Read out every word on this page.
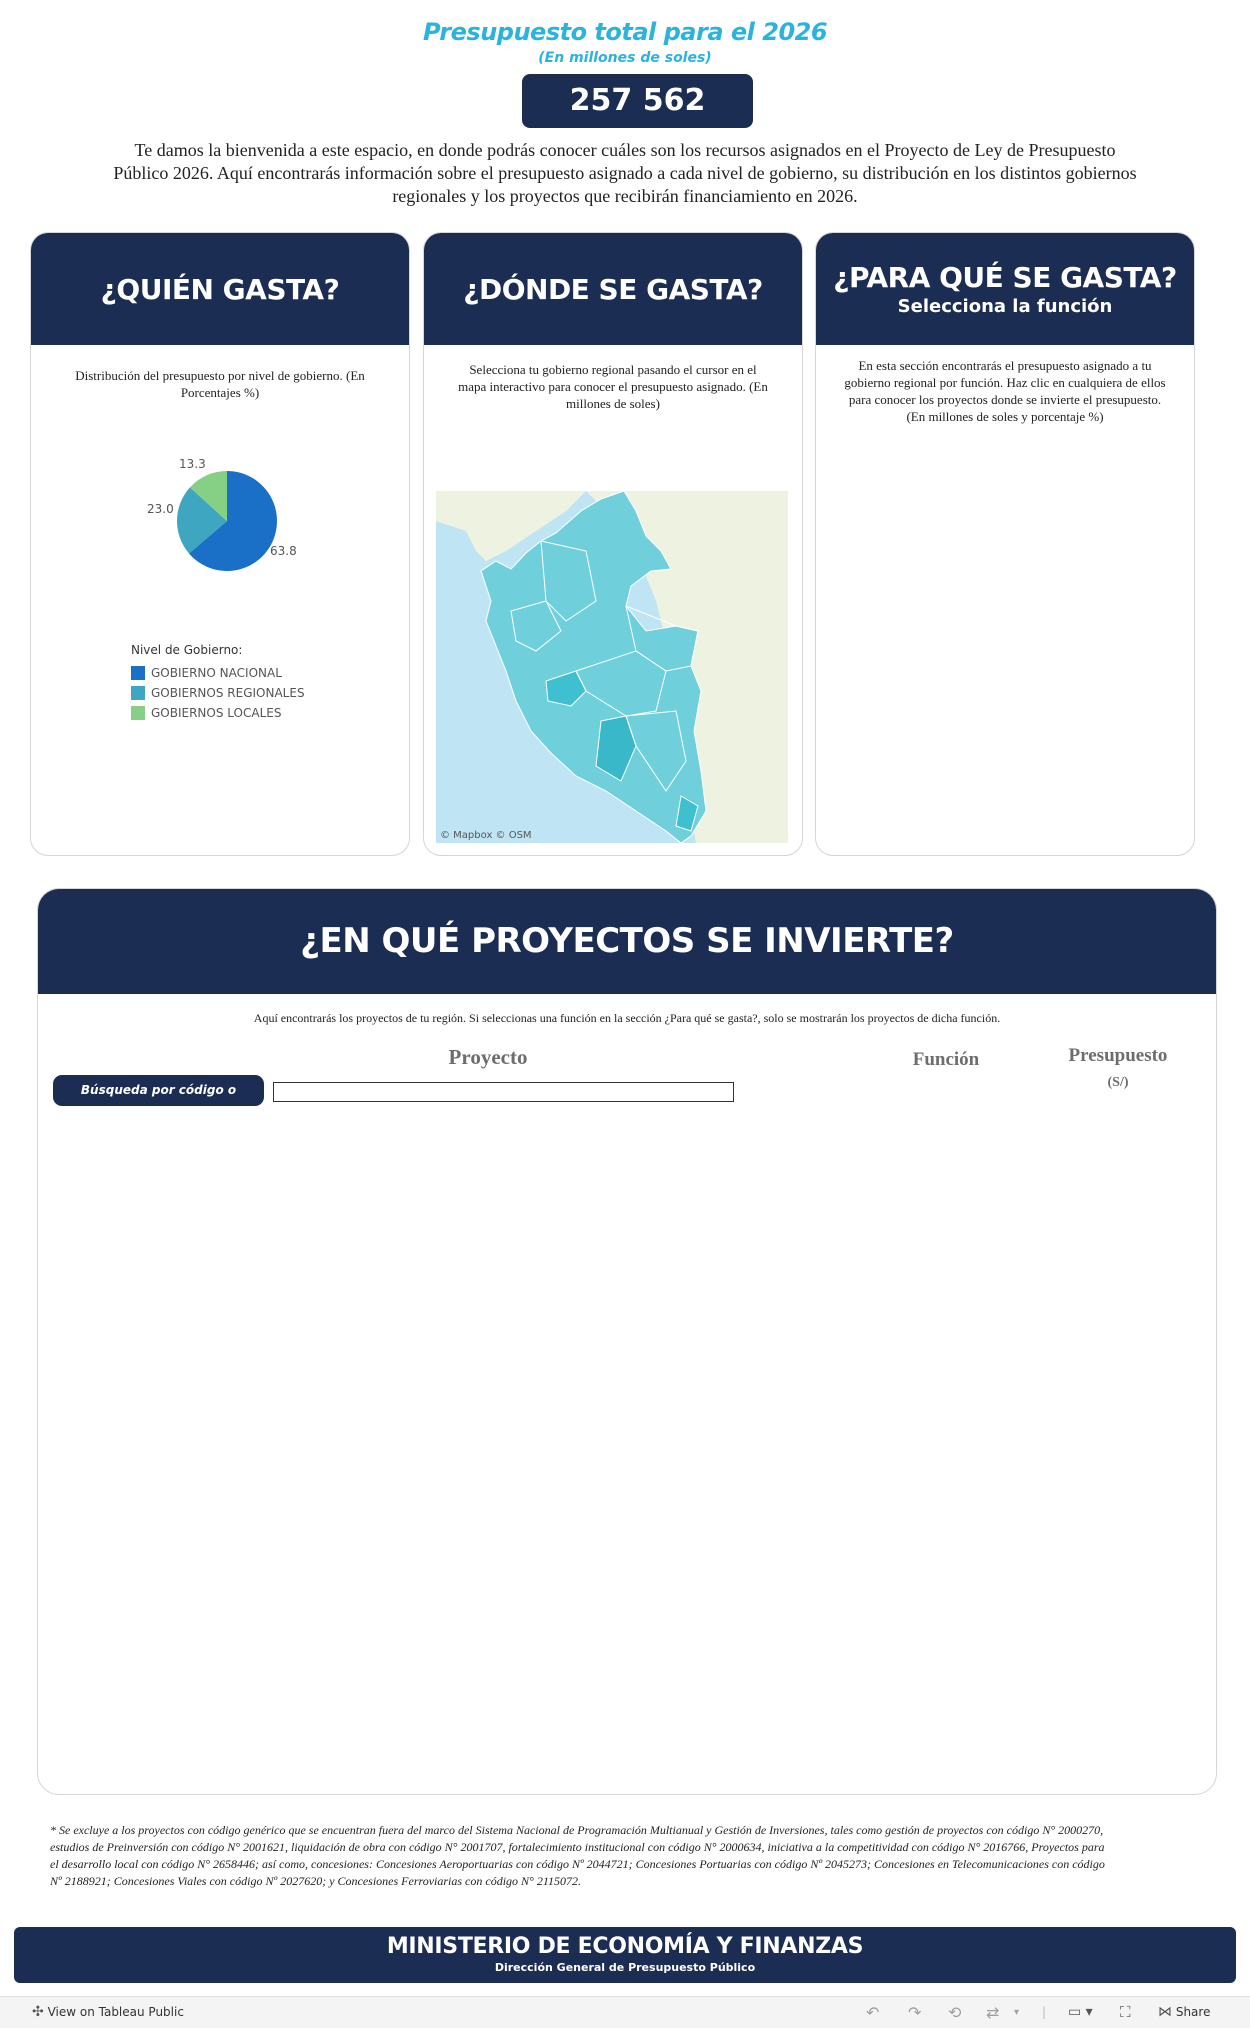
Presupuesto total para el 2026
(En millones de soles)
257 562
Te damos la bienvenida a este espacio, en donde podrás conocer cuáles son los recursos asignados en el Proyecto de Ley de Presupuesto Público 2026. Aquí encontrarás información sobre el presupuesto asignado a cada nivel de gobierno, su distribución en los distintos gobiernos regionales y los proyectos que recibirán financiamiento en 2026.
¿QUIÉN GASTA?
Distribución del presupuesto por nivel de gobierno. (En Porcentajes %)
13.3
23.0
63.8
Nivel de Gobierno:
GOBIERNO NACIONAL
GOBIERNOS REGIONALES
GOBIERNOS LOCALES
¿DÓNDE SE GASTA?
Selecciona tu gobierno regional pasando el cursor en el mapa interactivo para conocer el presupuesto asignado. (En millones de soles)
© Mapbox © OSM
¿PARA QUÉ SE GASTA?
Selecciona la función
En esta sección encontrarás el presupuesto asignado a tu gobierno regional por función. Haz clic en cualquiera de ellos para conocer los proyectos donde se invierte el presupuesto. (En millones de soles y porcentaje %)
¿EN QUÉ PROYECTOS SE INVIERTE?
Aquí encontrarás los proyectos de tu región. Si seleccionas una función en la sección ¿Para qué se gasta?, solo se mostrarán los proyectos de dicha función.
Proyecto	Función	Presupuesto
(S/)
Búsqueda por código o nombre
* Se excluye a los proyectos con código genérico que se encuentran fuera del marco del Sistema Nacional de Programación Multianual y Gestión de Inversiones, tales como gestión de proyectos con código N° 2000270, estudios de Preinversión con código N° 2001621, liquidación de obra con código N° 2001707, fortalecimiento institucional con código N° 2000634, iniciativa a la competitividad con código N° 2016766, Proyectos para el desarrollo local con código N° 2658446; así como, concesiones: Concesiones Aeroportuarias con código Nº 2044721; Concesiones Portuarias con código Nº 2045273; Concesiones en Telecomunicaciones con código Nº 2188921; Concesiones Viales con código Nº 2027620; y Concesiones Ferroviarias con código N° 2115072.
MINISTERIO DE ECONOMÍA Y FINANZAS
Dirección General de Presupuesto Público
✣ View on Tableau Public	↶ ↷ ⟲ ⇄ ▾ | ▭ ▾ ⛶ ⋈ Share
